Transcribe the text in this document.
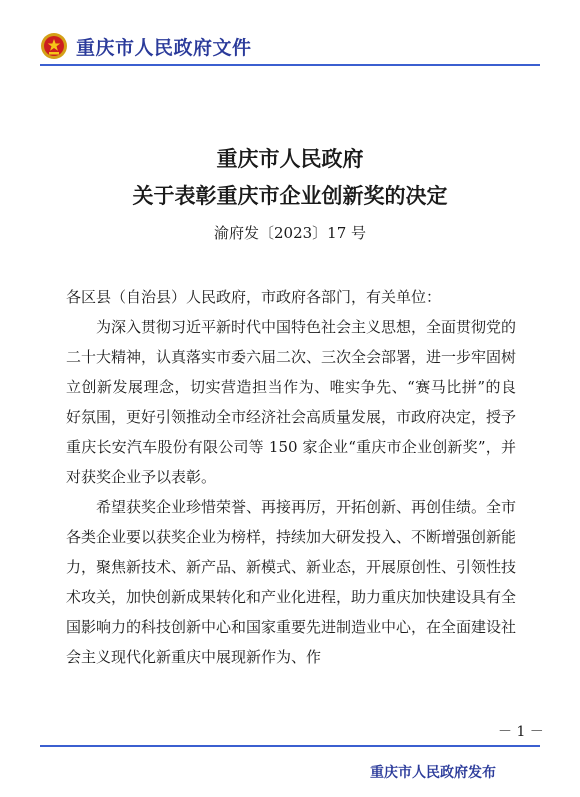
重庆市人民政府文件
重庆市人民政府
关于表彰重庆市企业创新奖的决定
渝府发〔2023〕17 号

各区县（自治县）人民政府，市政府各部门，有关单位：

为深入贯彻习近平新时代中国特色社会主义思想，全面贯彻党的二十大精神，认真落实市委六届二次、三次全会部署，进一步牢固树立创新发展理念，切实营造担当作为、唯实争先、“赛马比拼”的良好氛围，更好引领推动全市经济社会高质量发展，市政府决定，授予重庆长安汽车股份有限公司等 150 家企业“重庆市企业创新奖”，并对获奖企业予以表彰。

希望获奖企业珍惜荣誉、再接再厉，开拓创新、再创佳绩。全市各类企业要以获奖企业为榜样，持续加大研发投入、不断增强创新能力，聚焦新技术、新产品、新模式、新业态，开展原创性、引领性技术攻关，加快创新成果转化和产业化进程，助力重庆加快建设具有全国影响力的科技创新中心和国家重要先进制造业中心，在全面建设社会主义现代化新重庆中展现新作为、作

－ 1 －
重庆市人民政府发布
